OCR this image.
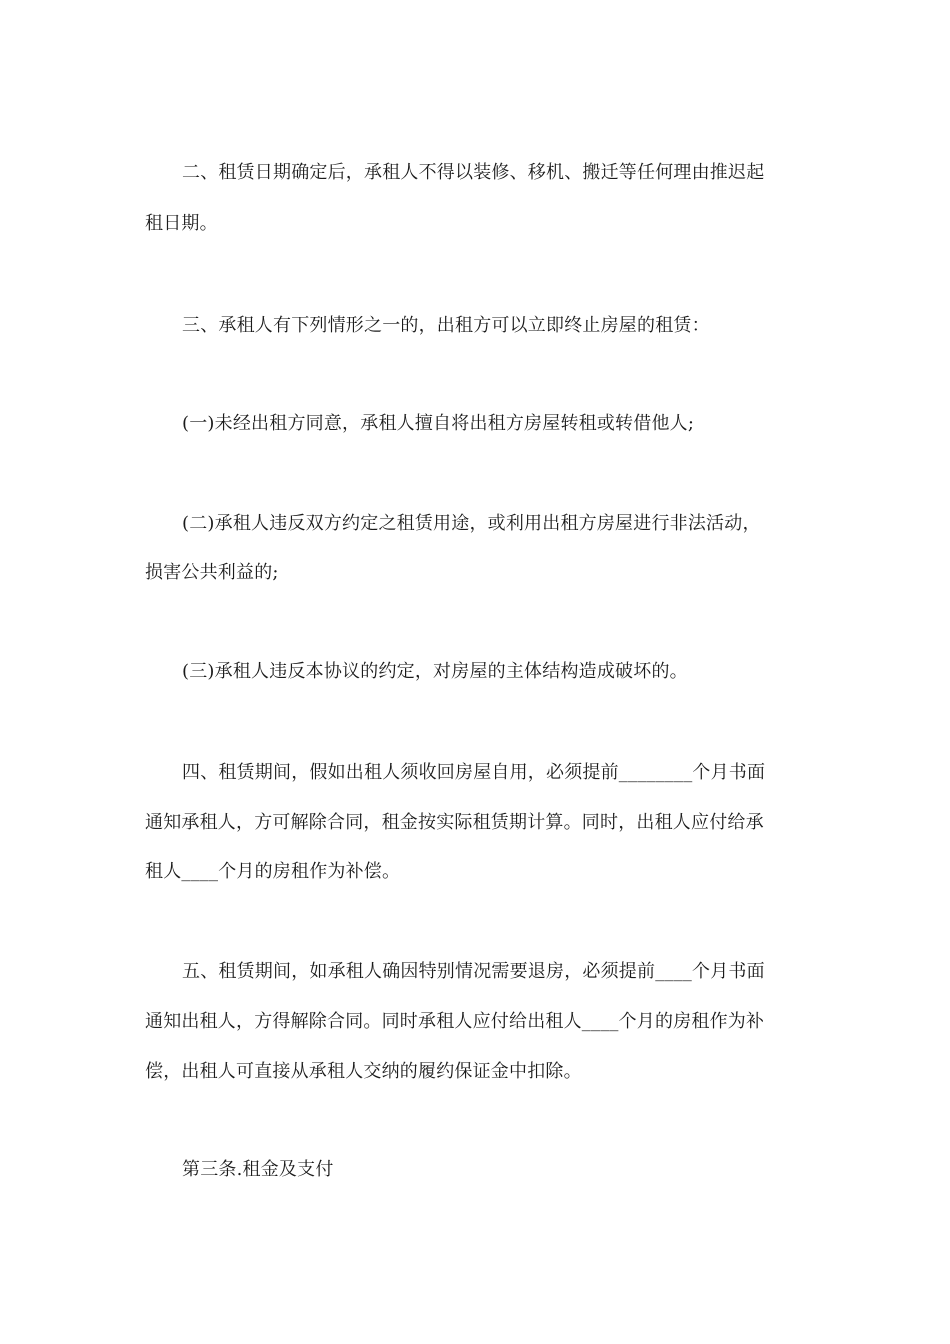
二、租赁日期确定后，承租人不得以装修、移机、搬迁等任何理由推迟起
租日期。
三、承租人有下列情形之一的，出租方可以立即终止房屋的租赁：
(一)未经出租方同意，承租人擅自将出租方房屋转租或转借他人;
(二)承租人违反双方约定之租赁用途，或利用出租方房屋进行非法活动，
损害公共利益的;
(三)承租人违反本协议的约定，对房屋的主体结构造成破坏的。
四、租赁期间，假如出租人须收回房屋自用，必须提前________个月书面
通知承租人，方可解除合同，租金按实际租赁期计算。同时，出租人应付给承
租人____个月的房租作为补偿。
五、租赁期间，如承租人确因特别情况需要退房，必须提前____个月书面
通知出租人，方得解除合同。同时承租人应付给出租人____个月的房租作为补
偿，出租人可直接从承租人交纳的履约保证金中扣除。
第三条.租金及支付
